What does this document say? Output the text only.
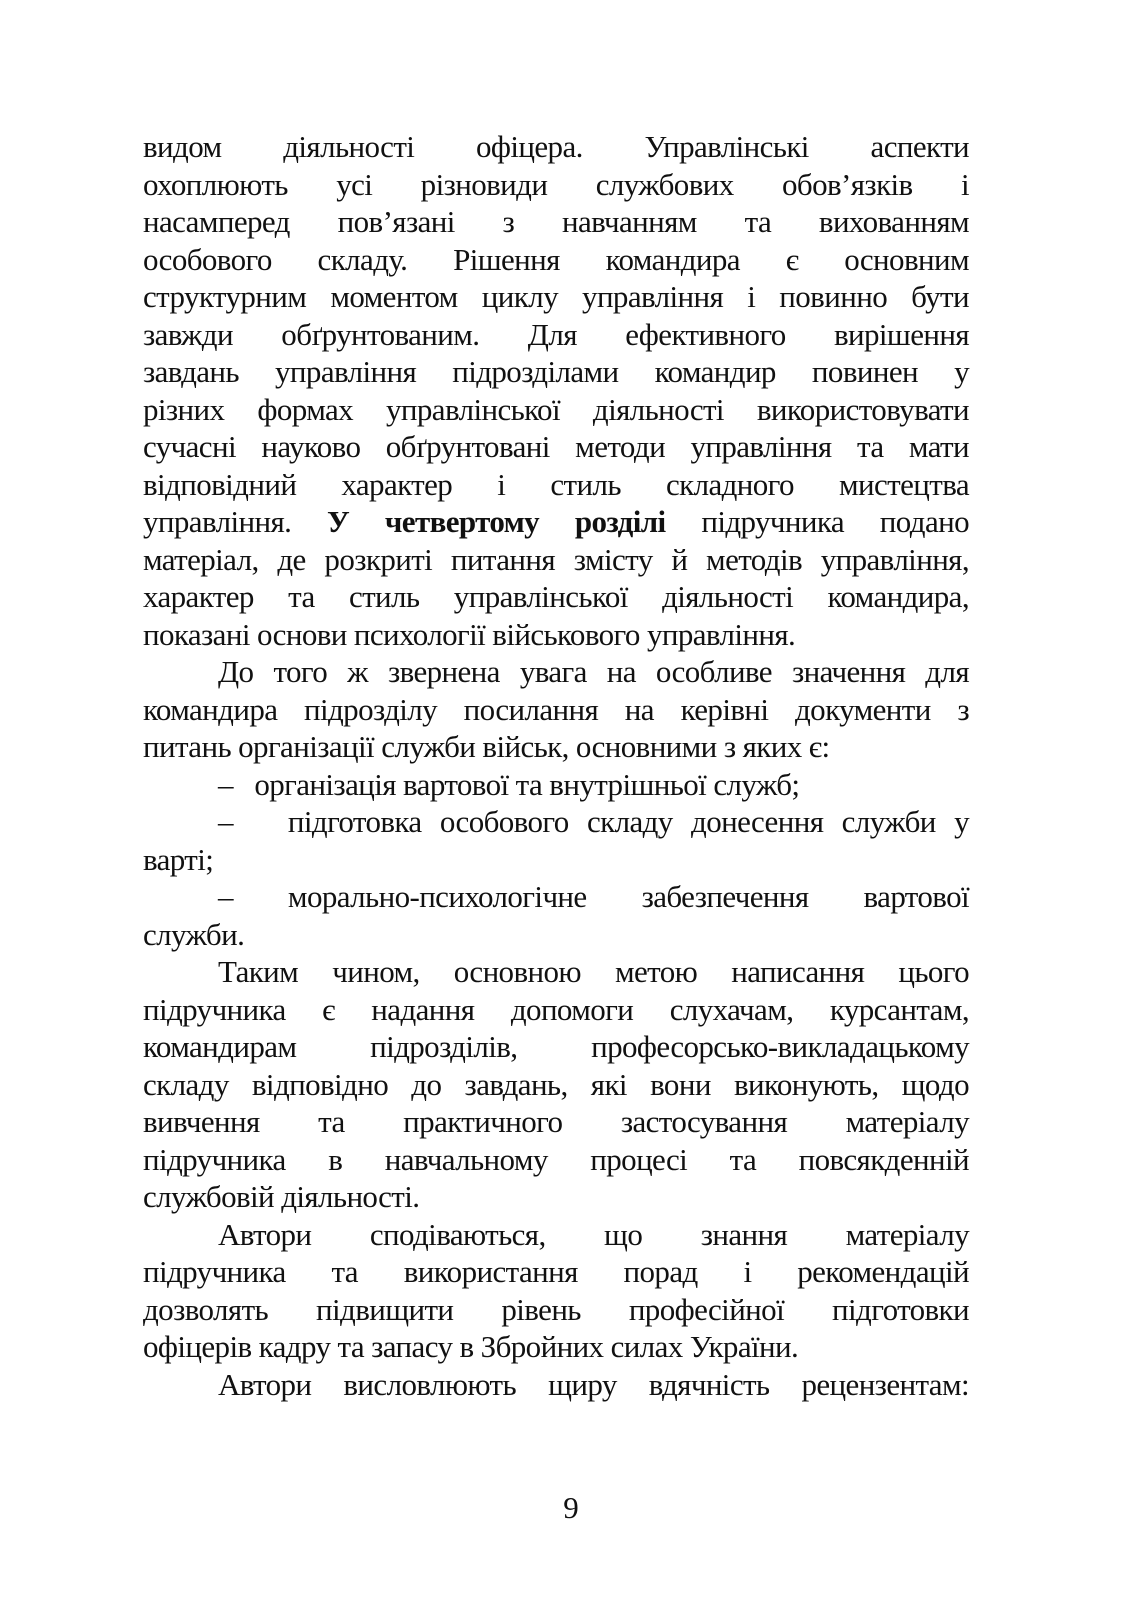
видом діяльності офіцера. Управлінські аспекти
охоплюють усі різновиди службових обов’язків і
насамперед пов’язані з навчанням та вихованням
особового складу. Рішення командира є основним
структурним моментом циклу управління і повинно бути
завжди обґрунтованим. Для ефективного вирішення
завдань управління підрозділами командир повинен у
різних формах управлінської діяльності використовувати
сучасні науково обґрунтовані методи управління та мати
відповідний характер і стиль складного мистецтва
управління. У четвертому розділі підручника подано
матеріал, де розкриті питання змісту й методів управління,
характер та стиль управлінської діяльності командира,
показані основи психології військового управління.
До того ж звернена увага на особливе значення для
командира підрозділу посилання на керівні документи з
питань організації служби військ, основними з яких є:
– організація вартової та внутрішньої служб;
– підготовка особового складу донесення служби у
варті;
– морально-психологічне забезпечення вартової
служби.
Таким чином, основною метою написання цього
підручника є надання допомоги слухачам, курсантам,
командирам підрозділів, професорсько-викладацькому
складу відповідно до завдань, які вони виконують, щодо
вивчення та практичного застосування матеріалу
підручника в навчальному процесі та повсякденній
службовій діяльності.
Автори сподіваються, що знання матеріалу
підручника та використання порад і рекомендацій
дозволять підвищити рівень професійної підготовки
офіцерів кадру та запасу в Збройних силах України.
Автори висловлюють щиру вдячність рецензентам:
9
